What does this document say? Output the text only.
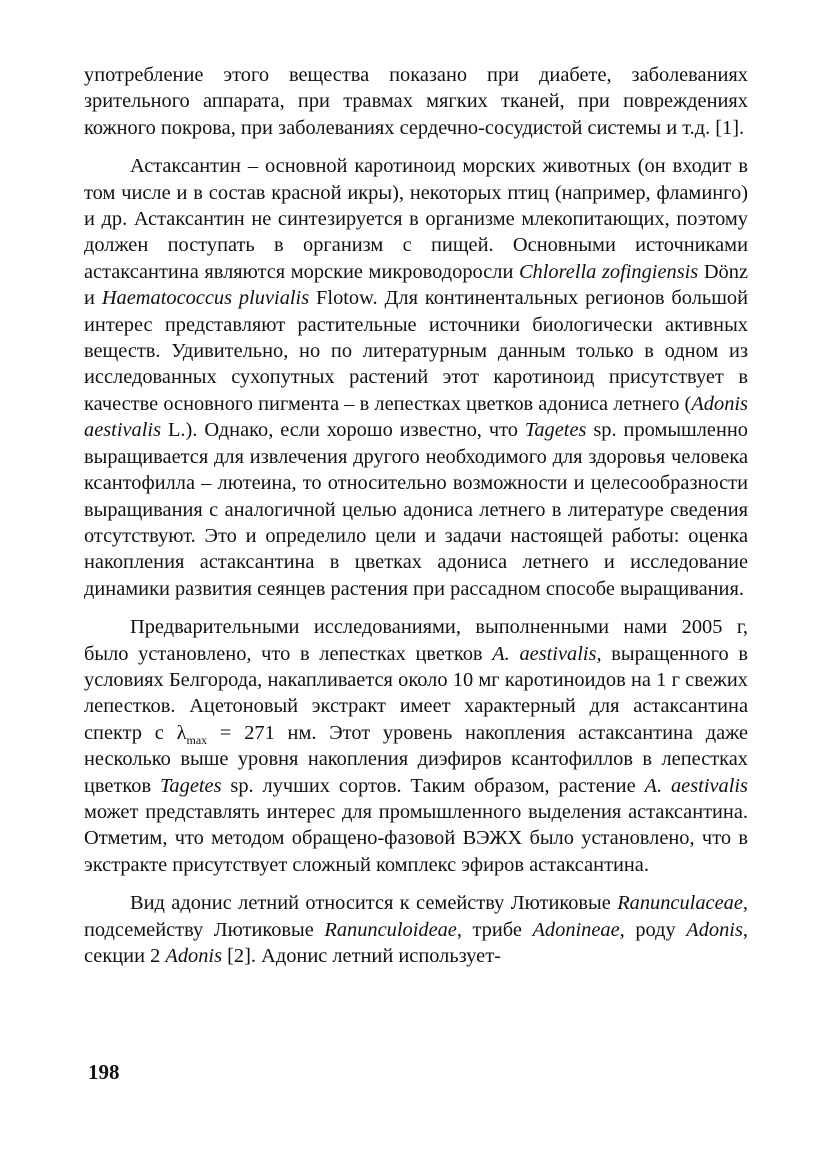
употребление этого вещества показано при диабете, заболеваниях зрительного аппарата, при травмах мягких тканей, при повреждениях кожного покрова, при заболеваниях сердечно-сосудистой системы и т.д. [1].

Астаксантин – основной каротиноид морских животных (он входит в том числе и в состав красной икры), некоторых птиц (например, фламинго) и др. Астаксантин не синтезируется в организме млекопитающих, поэтому должен поступать в организм с пищей. Основными источниками астаксантина являются морские микроводоросли Chlorella zofingiensis Dönz и Haematococcus pluvialis Flotow. Для континентальных регионов большой интерес представляют растительные источники биологически активных веществ. Удивительно, но по литературным данным только в одном из исследованных сухопутных растений этот каротиноид присутствует в качестве основного пигмента – в лепестках цветков адониса летнего (Adonis aestivalis L.). Однако, если хорошо известно, что Tagetes sp. промышленно выращивается для извлечения другого необходимого для здоровья человека ксантофилла – лютеина, то относительно возможности и целесообразности выращивания с аналогичной целью адониса летнего в литературе сведения отсутствуют. Это и определило цели и задачи настоящей работы: оценка накопления астаксантина в цветках адониса летнего и исследование динамики развития сеянцев растения при рассадном способе выращивания.

Предварительными исследованиями, выполненными нами 2005 г, было установлено, что в лепестках цветков A. aestivalis, выращенного в условиях Белгорода, накапливается около 10 мг каротиноидов на 1 г свежих лепестков. Ацетоновый экстракт имеет характерный для астаксантина спектр с $\lambda_{max} = 271$ нм. Этот уровень накопления астаксантина даже несколько выше уровня накопления диэфиров ксантофиллов в лепестках цветков Tagetes sp. лучших сортов. Таким образом, растение A. aestivalis может представлять интерес для промышленного выделения астаксантина. Отметим, что методом обращено-фазовой ВЭЖХ было установлено, что в экстракте присутствует сложный комплекс эфиров астаксантина.

Вид адонис летний относится к семейству Лютиковые Ranunculaceae, подсемейству Лютиковые Ranunculoideae, трибе Adonineae, роду Adonis, секции 2 Adonis [2]. Адонис летний использует-

198
